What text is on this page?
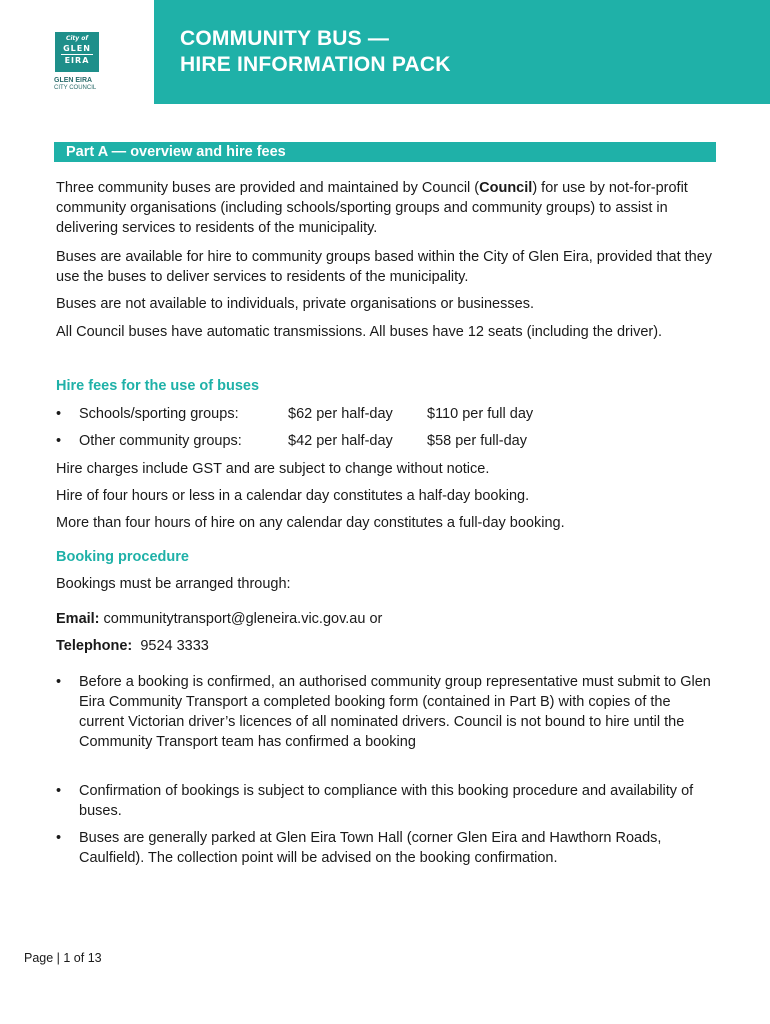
City of
GLEN
EIRA
GLEN EIRA
CITY COUNCIL
COMMUNITY BUS —
HIRE INFORMATION PACK
Part A — overview and hire fees

Three community buses are provided and maintained by Council (Council) for use by not-for-profit community organisations (including schools/sporting groups and community groups) to assist in delivering services to residents of the municipality.

Buses are available for hire to community groups based within the City of Glen Eira, provided that they use the buses to deliver services to residents of the municipality.

Buses are not available to individuals, private organisations or businesses.

All Council buses have automatic transmissions. All buses have 12 seats (including the driver).

Hire fees for the use of buses
• Schools/sporting groups:	$62 per half-day $110 per full day
• Other community groups:	$42 per half-day $58 per full-day

Hire charges include GST and are subject to change without notice.

Hire of four hours or less in a calendar day constitutes a half-day booking.

More than four hours of hire on any calendar day constitutes a full-day booking.

Booking procedure

Bookings must be arranged through:

Email: communitytransport@gleneira.vic.gov.au or

Telephone: 9524 3333

• Before a booking is confirmed, an authorised community group representative must submit to Glen Eira Community Transport a completed booking form (contained in Part B) with copies of the current Victorian driver’s licences of all nominated drivers. Council is not bound to hire until the Community Transport team has confirmed a booking
• Confirmation of bookings is subject to compliance with this booking procedure and availability of buses.
• Buses are generally parked at Glen Eira Town Hall (corner Glen Eira and Hawthorn Roads, Caulfield). The collection point will be advised on the booking confirmation.
Page | 1 of 13
